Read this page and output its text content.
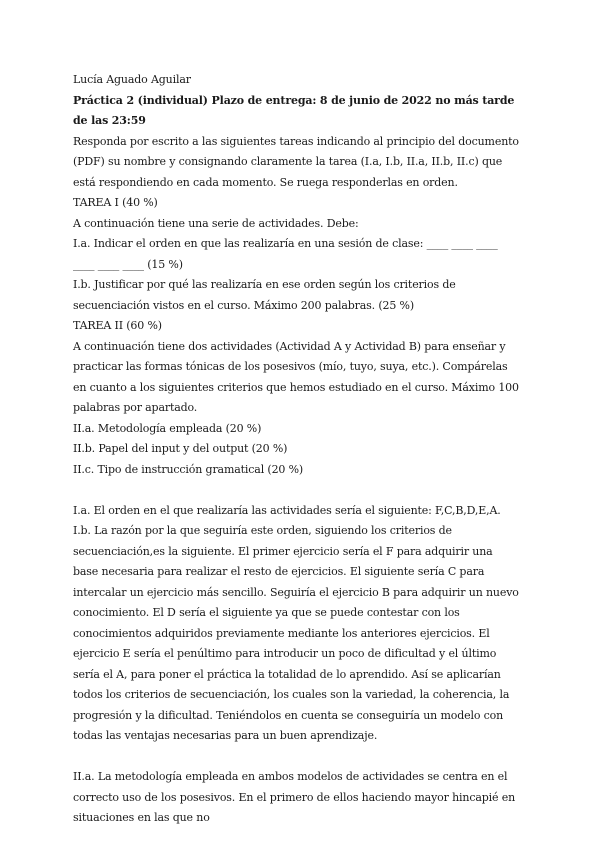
Lucía Aguado Aguilar

Práctica 2 (individual) Plazo de entrega: 8 de junio de 2022 no más tarde de las 23:59

Responda por escrito a las siguientes tareas indicando al principio del documento (PDF) su nombre y consignando claramente la tarea (I.a, I.b, II.a, II.b, II.c) que está respondiendo en cada momento. Se ruega responderlas en orden.

TAREA I (40 %)

A continuación tiene una serie de actividades. Debe:

I.a. Indicar el orden en que las realizaría en una sesión de clase: ____ ____ ____ ____ ____ ____ (15 %)

I.b. Justificar por qué las realizaría en ese orden según los criterios de secuenciación vistos en el curso. Máximo 200 palabras. (25 %)

TAREA II (60 %)

A continuación tiene dos actividades (Actividad A y Actividad B) para enseñar y practicar las formas tónicas de los posesivos (mío, tuyo, suya, etc.). Compárelas en cuanto a los siguientes criterios que hemos estudiado en el curso. Máximo 100 palabras por apartado.

II.a. Metodología empleada (20 %)

II.b. Papel del input y del output (20 %)

II.c. Tipo de instrucción gramatical (20 %)

I.a. El orden en el que realizaría las actividades sería el siguiente: F,C,B,D,E,A.

I.b. La razón por la que seguiría este orden, siguiendo los criterios de secuenciación,es la siguiente. El primer ejercicio sería el F para adquirir una base necesaria para realizar el resto de ejercicios. El siguiente sería C para intercalar un ejercicio más sencillo. Seguiría el ejercicio B para adquirir un nuevo conocimiento. El D sería el siguiente ya que se puede contestar con los conocimientos adquiridos previamente mediante los anteriores ejercicios. El ejercicio E sería el penúltimo para introducir un poco de dificultad y el último sería el A, para poner el práctica la totalidad de lo aprendido. Así se aplicarían todos los criterios de secuenciación, los cuales son la variedad, la coherencia, la progresión y la dificultad. Teniéndolos en cuenta se conseguiría un modelo con todas las ventajas necesarias para un buen aprendizaje.

II.a. La metodología empleada en ambos modelos de actividades se centra en el correcto uso de los posesivos. En el primero de ellos haciendo mayor hincapié en situaciones en las que no
